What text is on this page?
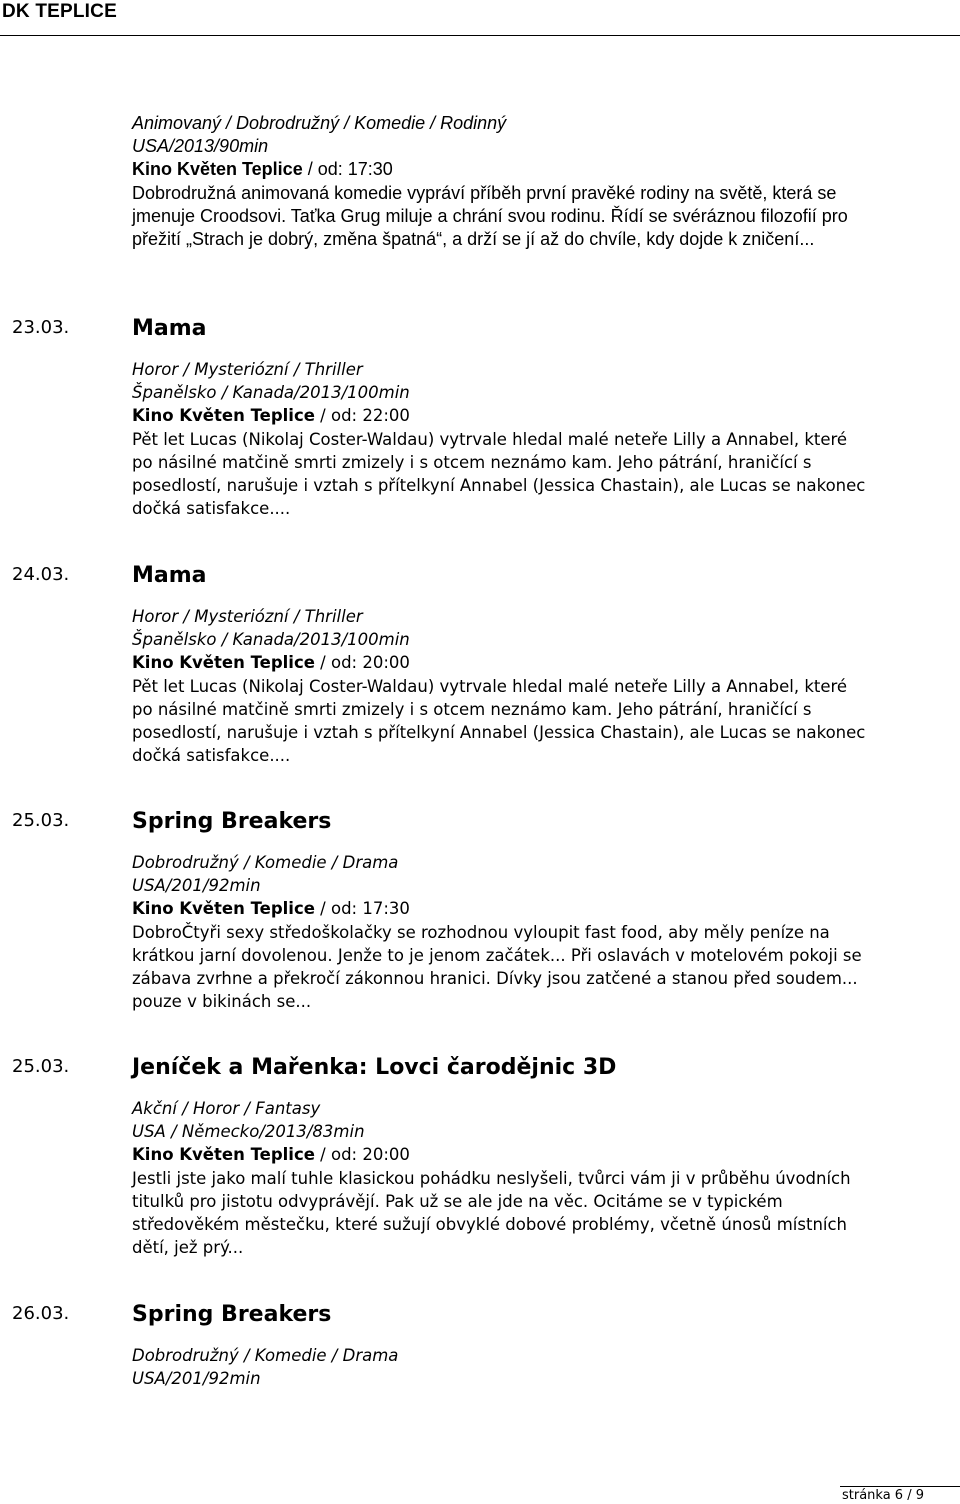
DK TEPLICE
Animovaný / Dobrodružný / Komedie / Rodinný
USA/2013/90min
Kino Květen Teplice / od: 17:30
Dobrodružná animovaná komedie vypráví příběh první pravěké rodiny na světě, která se jmenuje Croodsovi. Taťka Grug miluje a chrání svou rodinu. Řídí se svéráznou filozofií pro přežití „Strach je dobrý, změna špatná“, a drží se jí až do chvíle, kdy dojde k zničení...
23.03.	Mama
Horor / Mysteriózní / Thriller
Španělsko / Kanada/2013/100min
Kino Květen Teplice / od: 22:00
Pět let Lucas (Nikolaj Coster-Waldau) vytrvale hledal malé neteře Lilly a Annabel, které po násilné matčině smrti zmizely i s otcem neznámo kam. Jeho pátrání, hraničící s posedlostí, narušuje i vztah s přítelkyní Annabel (Jessica Chastain), ale Lucas se nakonec dočká satisfakce....
24.03.	Mama
Horor / Mysteriózní / Thriller
Španělsko / Kanada/2013/100min
Kino Květen Teplice / od: 20:00
Pět let Lucas (Nikolaj Coster-Waldau) vytrvale hledal malé neteře Lilly a Annabel, které po násilné matčině smrti zmizely i s otcem neznámo kam. Jeho pátrání, hraničící s posedlostí, narušuje i vztah s přítelkyní Annabel (Jessica Chastain), ale Lucas se nakonec dočká satisfakce....
25.03.	Spring Breakers
Dobrodružný / Komedie / Drama
USA/201/92min
Kino Květen Teplice / od: 17:30
DobroČtyři sexy středoškolačky se rozhodnou vyloupit fast food, aby měly peníze na krátkou jarní dovolenou. Jenže to je jenom začátek... Při oslavách v motelovém pokoji se zábava zvrhne a překročí zákonnou hranici. Dívky jsou zatčené a stanou před soudem... pouze v bikinách se...
25.03.	Jeníček a Mařenka: Lovci čarodějnic 3D
Akční / Horor / Fantasy
USA / Německo/2013/83min
Kino Květen Teplice / od: 20:00
Jestli jste jako malí tuhle klasickou pohádku neslyšeli, tvůrci vám ji v průběhu úvodních titulků pro jistotu odvyprávějí. Pak už se ale jde na věc. Ocitáme se v typickém středověkém městečku, které sužují obvyklé dobové problémy, včetně únosů místních dětí, jež prý...
26.03.	Spring Breakers
Dobrodružný / Komedie / Drama
USA/201/92min
stránka 6 / 9
